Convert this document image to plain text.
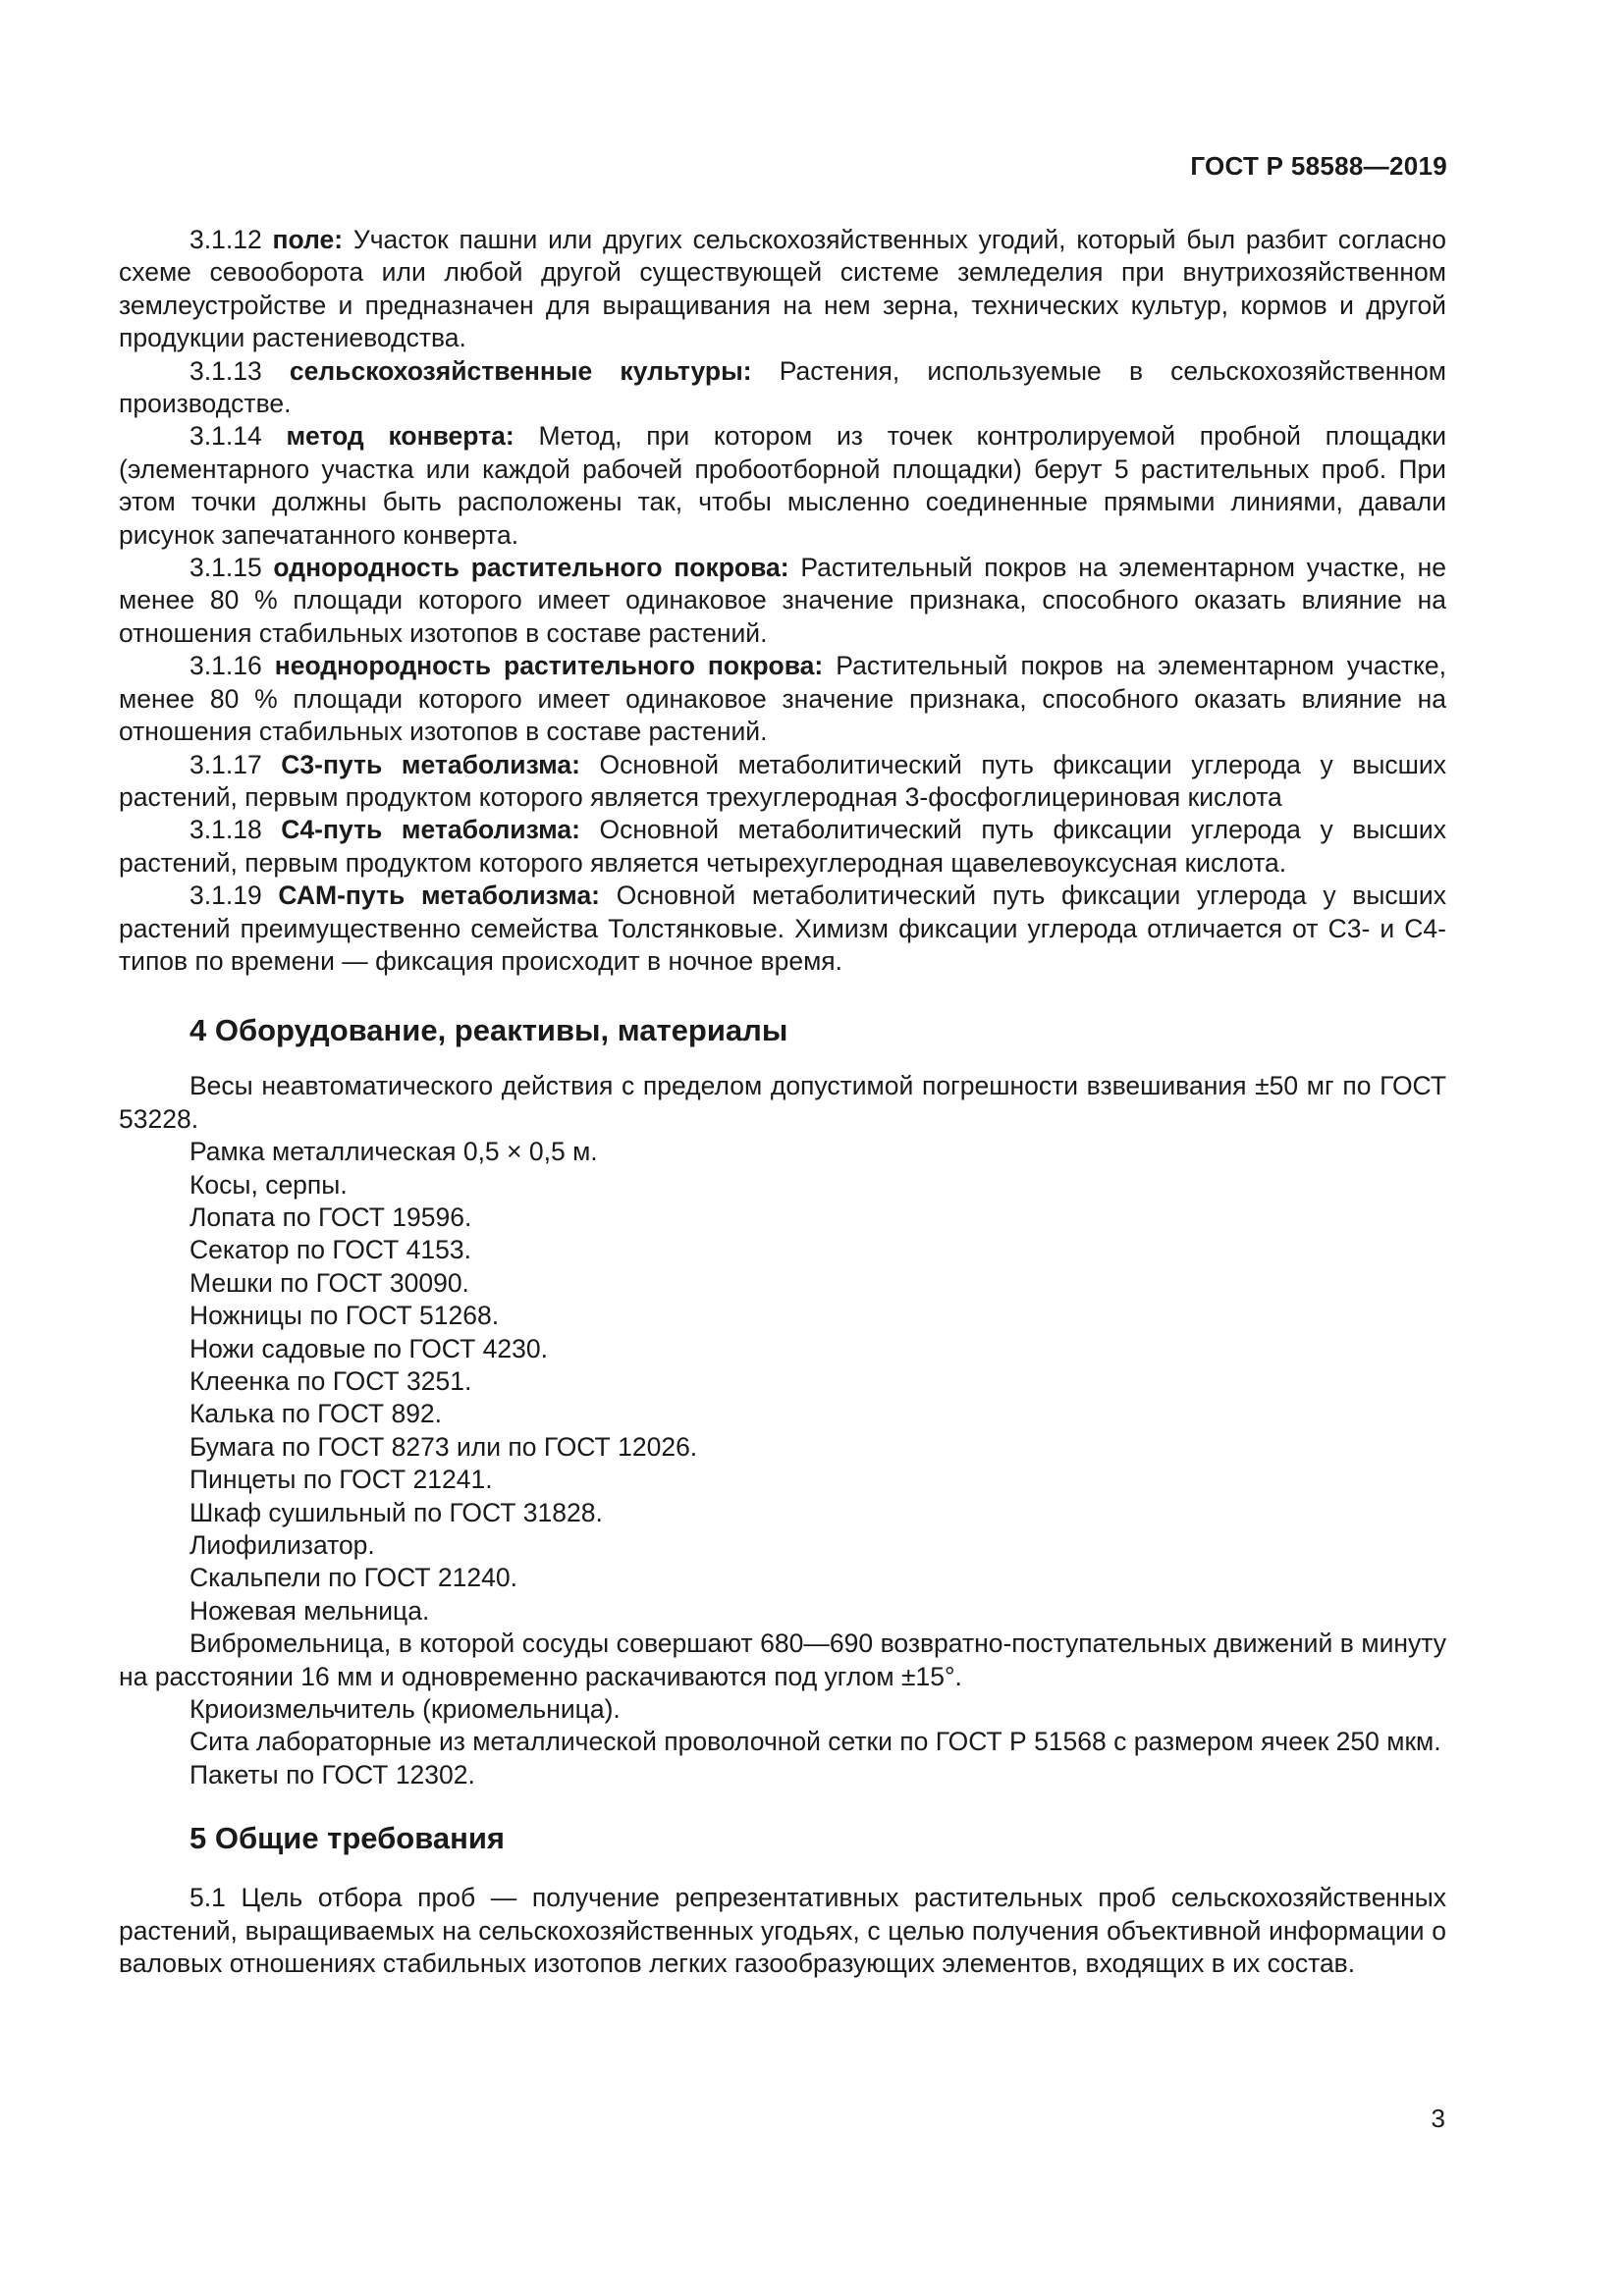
ГОСТ Р 58588—2019

3.1.12 поле: Участок пашни или других сельскохозяйственных угодий, который был разбит согласно схеме севооборота или любой другой существующей системе земледелия при внутрихозяйственном землеустройстве и предназначен для выращивания на нем зерна, технических культур, кормов и другой продукции растениеводства.

3.1.13 сельскохозяйственные культуры: Растения, используемые в сельскохозяйственном производстве.

3.1.14 метод конверта: Метод, при котором из точек контролируемой пробной площадки (элементарного участка или каждой рабочей пробоотборной площадки) берут 5 растительных проб. При этом точки должны быть расположены так, чтобы мысленно соединенные прямыми линиями, давали рисунок запечатанного конверта.

3.1.15 однородность растительного покрова: Растительный покров на элементарном участке, не менее 80 % площади которого имеет одинаковое значение признака, способного оказать влияние на отношения стабильных изотопов в составе растений.

3.1.16 неоднородность растительного покрова: Растительный покров на элементарном участке, менее 80 % площади которого имеет одинаковое значение признака, способного оказать влияние на отношения стабильных изотопов в составе растений.

3.1.17 С3-путь метаболизма: Основной метаболитический путь фиксации углерода у высших растений, первым продуктом которого является трехуглеродная 3-фосфоглицериновая кислота

3.1.18 С4-путь метаболизма: Основной метаболитический путь фиксации углерода у высших растений, первым продуктом которого является четырехуглеродная щавелевоуксусная кислота.

3.1.19 САМ-путь метаболизма: Основной метаболитический путь фиксации углерода у высших растений преимущественно семейства Толстянковые. Химизм фиксации углерода отличается от С3- и С4-типов по времени — фиксация происходит в ночное время.

4 Оборудование, реактивы, материалы

Весы неавтоматического действия с пределом допустимой погрешности взвешивания ±50 мг по ГОСТ 53228.

Рамка металлическая 0,5 × 0,5 м.

Косы, серпы.

Лопата по ГОСТ 19596.

Секатор по ГОСТ 4153.

Мешки по ГОСТ 30090.

Ножницы по ГОСТ 51268.

Ножи садовые по ГОСТ 4230.

Клеенка по ГОСТ 3251.

Калька по ГОСТ 892.

Бумага по ГОСТ 8273 или по ГОСТ 12026.

Пинцеты по ГОСТ 21241.

Шкаф сушильный по ГОСТ 31828.

Лиофилизатор.

Скальпели по ГОСТ 21240.

Ножевая мельница.

Вибромельница, в которой сосуды совершают 680—690 возвратно-поступательных движений в минуту на расстоянии 16 мм и одновременно раскачиваются под углом ±15°.

Криоизмельчитель (криомельница).

Сита лабораторные из металлической проволочной сетки по ГОСТ Р 51568 с размером ячеек 250 мкм.

Пакеты по ГОСТ 12302.

5 Общие требования

5.1 Цель отбора проб — получение репрезентативных растительных проб сельскохозяйственных растений, выращиваемых на сельскохозяйственных угодьях, с целью получения объективной информации о валовых отношениях стабильных изотопов легких газообразующих элементов, входящих в их состав.

3
